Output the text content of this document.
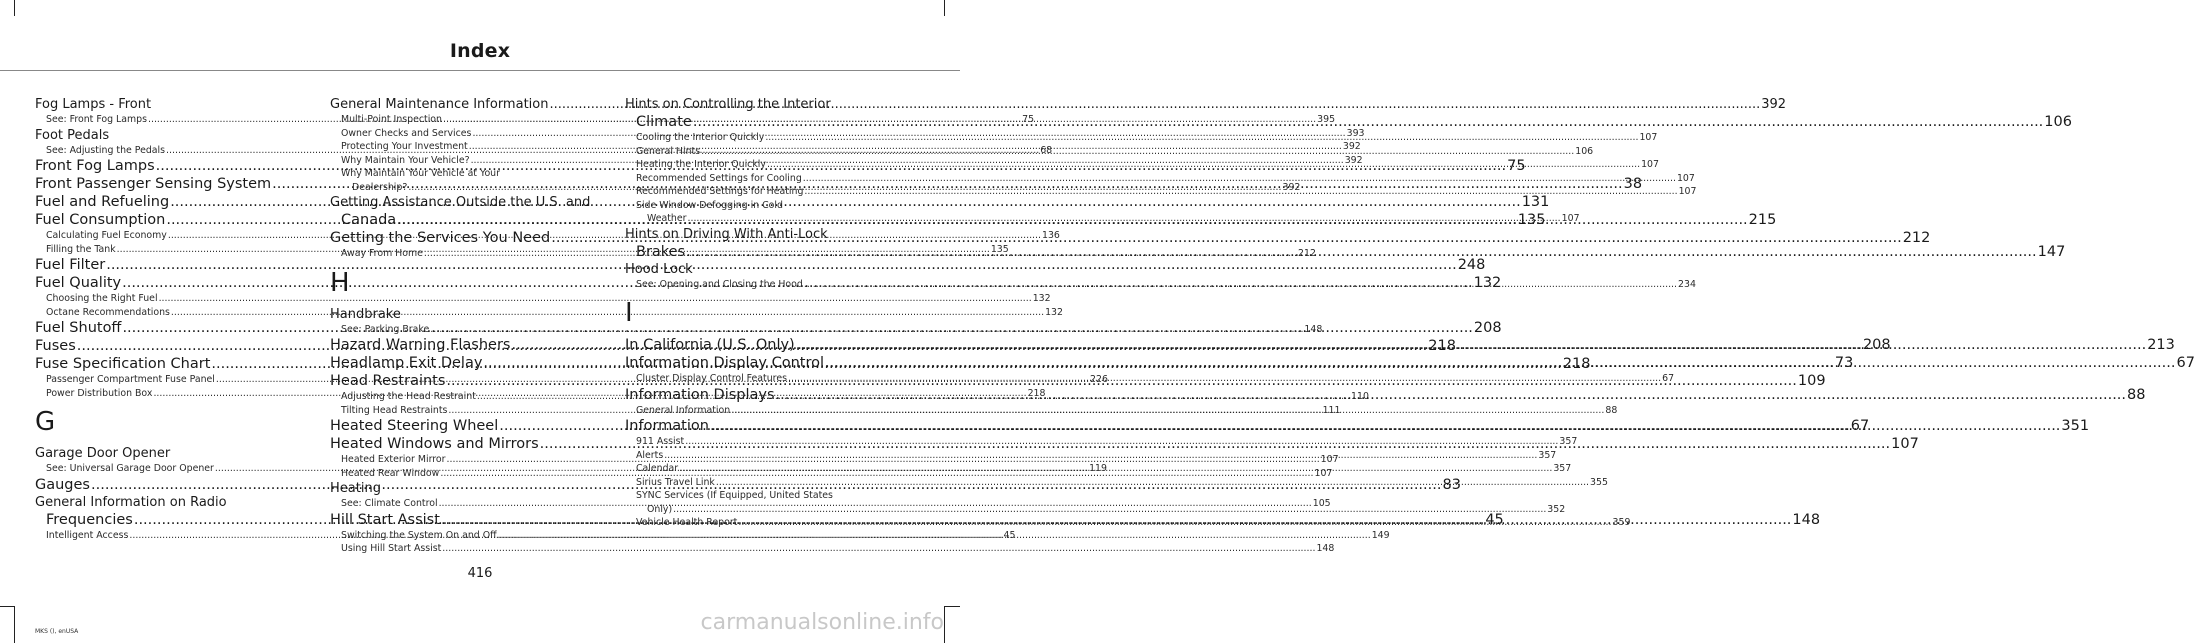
Index
Fog Lamps - Front
See: Front Fog Lamps .....	75
Foot Pedals
See: Adjusting the Pedals .....	68
Front Fog Lamps .....	75
Front Passenger Sensing System .....	38
Fuel and Refueling .....	131
Fuel Consumption .....	135
Calculating Fuel Economy .....	136
Filling the Tank .....	135
Fuel Filter .....	248
Fuel Quality .....	132
Choosing the Right Fuel .....	132
Octane Recommendations .....	132
Fuel Shutoff .....	208
Fuses .....	218
Fuse Specification Chart .....	218
Passenger Compartment Fuse Panel .....	226
Power Distribution Box .....	218
G
Garage Door Opener
See: Universal Garage Door Opener .....	119
Gauges .....	83
General Information on Radio
Frequencies .....	45
Intelligent Access .....	45
General Maintenance Information .....	392
Multi-Point Inspection .....	395
Owner Checks and Services .....	393
Protecting Your Investment .....	392
Why Maintain Your Vehicle? .....	392
Why Maintain Your Vehicle at Your
Dealership? .....	392
Getting Assistance Outside the U.S. and
Canada .....	215
Getting the Services You Need .....	212
Away From Home .....	212
H
Handbrake
See: Parking Brake .....	148
Hazard Warning Flashers .....	208
Headlamp Exit Delay .....	73
Head Restraints .....	109
Adjusting the Head Restraint .....	110
Tilting Head Restraints .....	111
Heated Steering Wheel .....	67
Heated Windows and Mirrors .....	107
Heated Exterior Mirror .....	107
Heated Rear Window .....	107
Heating
See: Climate Control .....	105
Hill Start Assist .....	148
Switching the System On and Off .....	149
Using Hill Start Assist .....	148
Hints on Controlling the Interior
Climate .....	106
Cooling the Interior Quickly .....	107
General Hints .....	106
Heating the Interior Quickly .....	107
Recommended Settings for Cooling .....	107
Recommended Settings for Heating .....	107
Side Window Defogging in Cold
Weather .....	107
Hints on Driving With Anti-Lock
Brakes .....	147
Hood Lock
See: Opening and Closing the Hood .....	234
I
In California (U.S. Only) .....	213
Information Display Control .....	67
Cluster Display Control Features .....	67
Information Displays .....	88
General Information .....	88
Information .....	351
911 Assist .....	357
Alerts .....	357
Calendar .....	357
Sirius Travel Link .....	355
SYNC Services (If Equipped, United States
Only) .....	352
Vehicle Health Report .....	359
416
MKS (), enUSA	carmanualsonline.info
